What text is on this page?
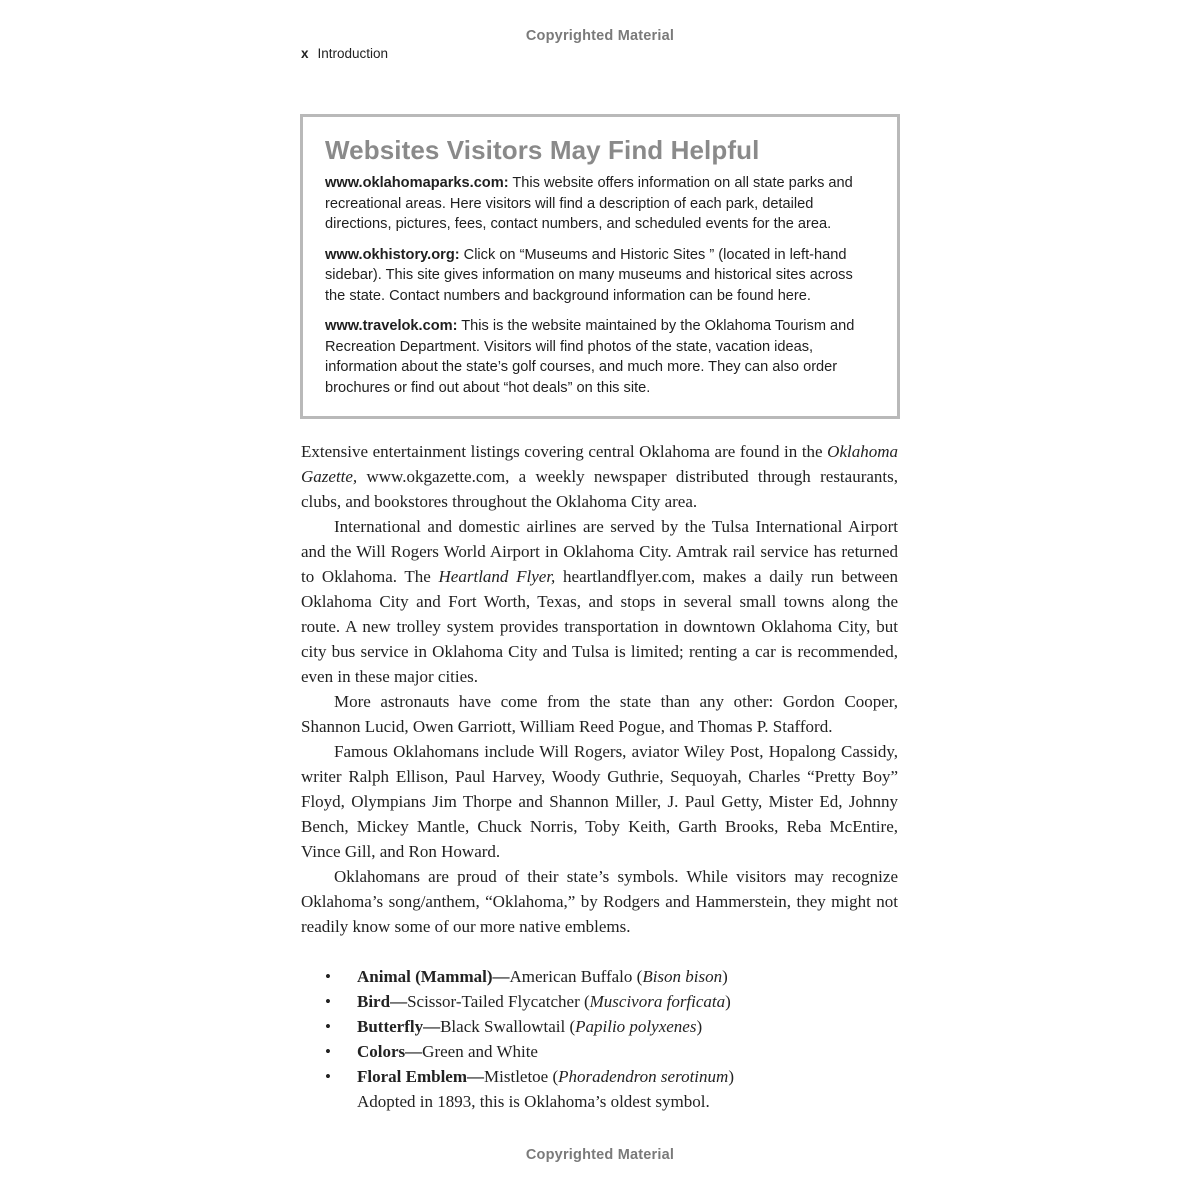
Copyrighted Material
x Introduction
Websites Visitors May Find Helpful

www.oklahomaparks.com: This website offers information on all state parks and recreational areas. Here visitors will find a description of each park, detailed directions, pictures, fees, contact numbers, and scheduled events for the area.

www.okhistory.org: Click on “Museums and Historic Sites ” (located in left-hand sidebar). This site gives information on many museums and historical sites across the state. Contact numbers and background information can be found here.

www.travelok.com: This is the website maintained by the Oklahoma Tourism and Recreation Department. Visitors will find photos of the state, vacation ideas, information about the state’s golf courses, and much more. They can also order brochures or find out about “hot deals” on this site.

Extensive entertainment listings covering central Oklahoma are found in the Oklahoma Gazette, www.okgazette.com, a weekly newspaper distributed through restaurants, clubs, and bookstores throughout the Oklahoma City area.

International and domestic airlines are served by the Tulsa International Airport and the Will Rogers World Airport in Oklahoma City. Amtrak rail service has returned to Oklahoma. The Heartland Flyer, heartlandflyer.com, makes a daily run between Oklahoma City and Fort Worth, Texas, and stops in several small towns along the route. A new trolley system provides transportation in downtown Oklahoma City, but city bus service in Oklahoma City and Tulsa is limited; renting a car is recommended, even in these major cities.

More astronauts have come from the state than any other: Gordon Cooper, Shannon Lucid, Owen Garriott, William Reed Pogue, and Thomas P. Stafford.

Famous Oklahomans include Will Rogers, aviator Wiley Post, Hopalong Cassidy, writer Ralph Ellison, Paul Harvey, Woody Guthrie, Sequoyah, Charles “Pretty Boy” Floyd, Olympians Jim Thorpe and Shannon Miller, J. Paul Getty, Mister Ed, Johnny Bench, Mickey Mantle, Chuck Norris, Toby Keith, Garth Brooks, Reba McEntire, Vince Gill, and Ron Howard.

Oklahomans are proud of their state’s symbols. While visitors may recognize Oklahoma’s song/anthem, “Oklahoma,” by Rodgers and Hammerstein, they might not readily know some of our more native emblems.

• Animal (Mammal)—American Buffalo (Bison bison)
• Bird—Scissor-Tailed Flycatcher (Muscivora forficata)
• Butterfly—Black Swallowtail (Papilio polyxenes)
• Colors—Green and White
• Floral Emblem—Mistletoe (Phoradendron serotinum)
Adopted in 1893, this is Oklahoma’s oldest symbol.
Copyrighted Material
